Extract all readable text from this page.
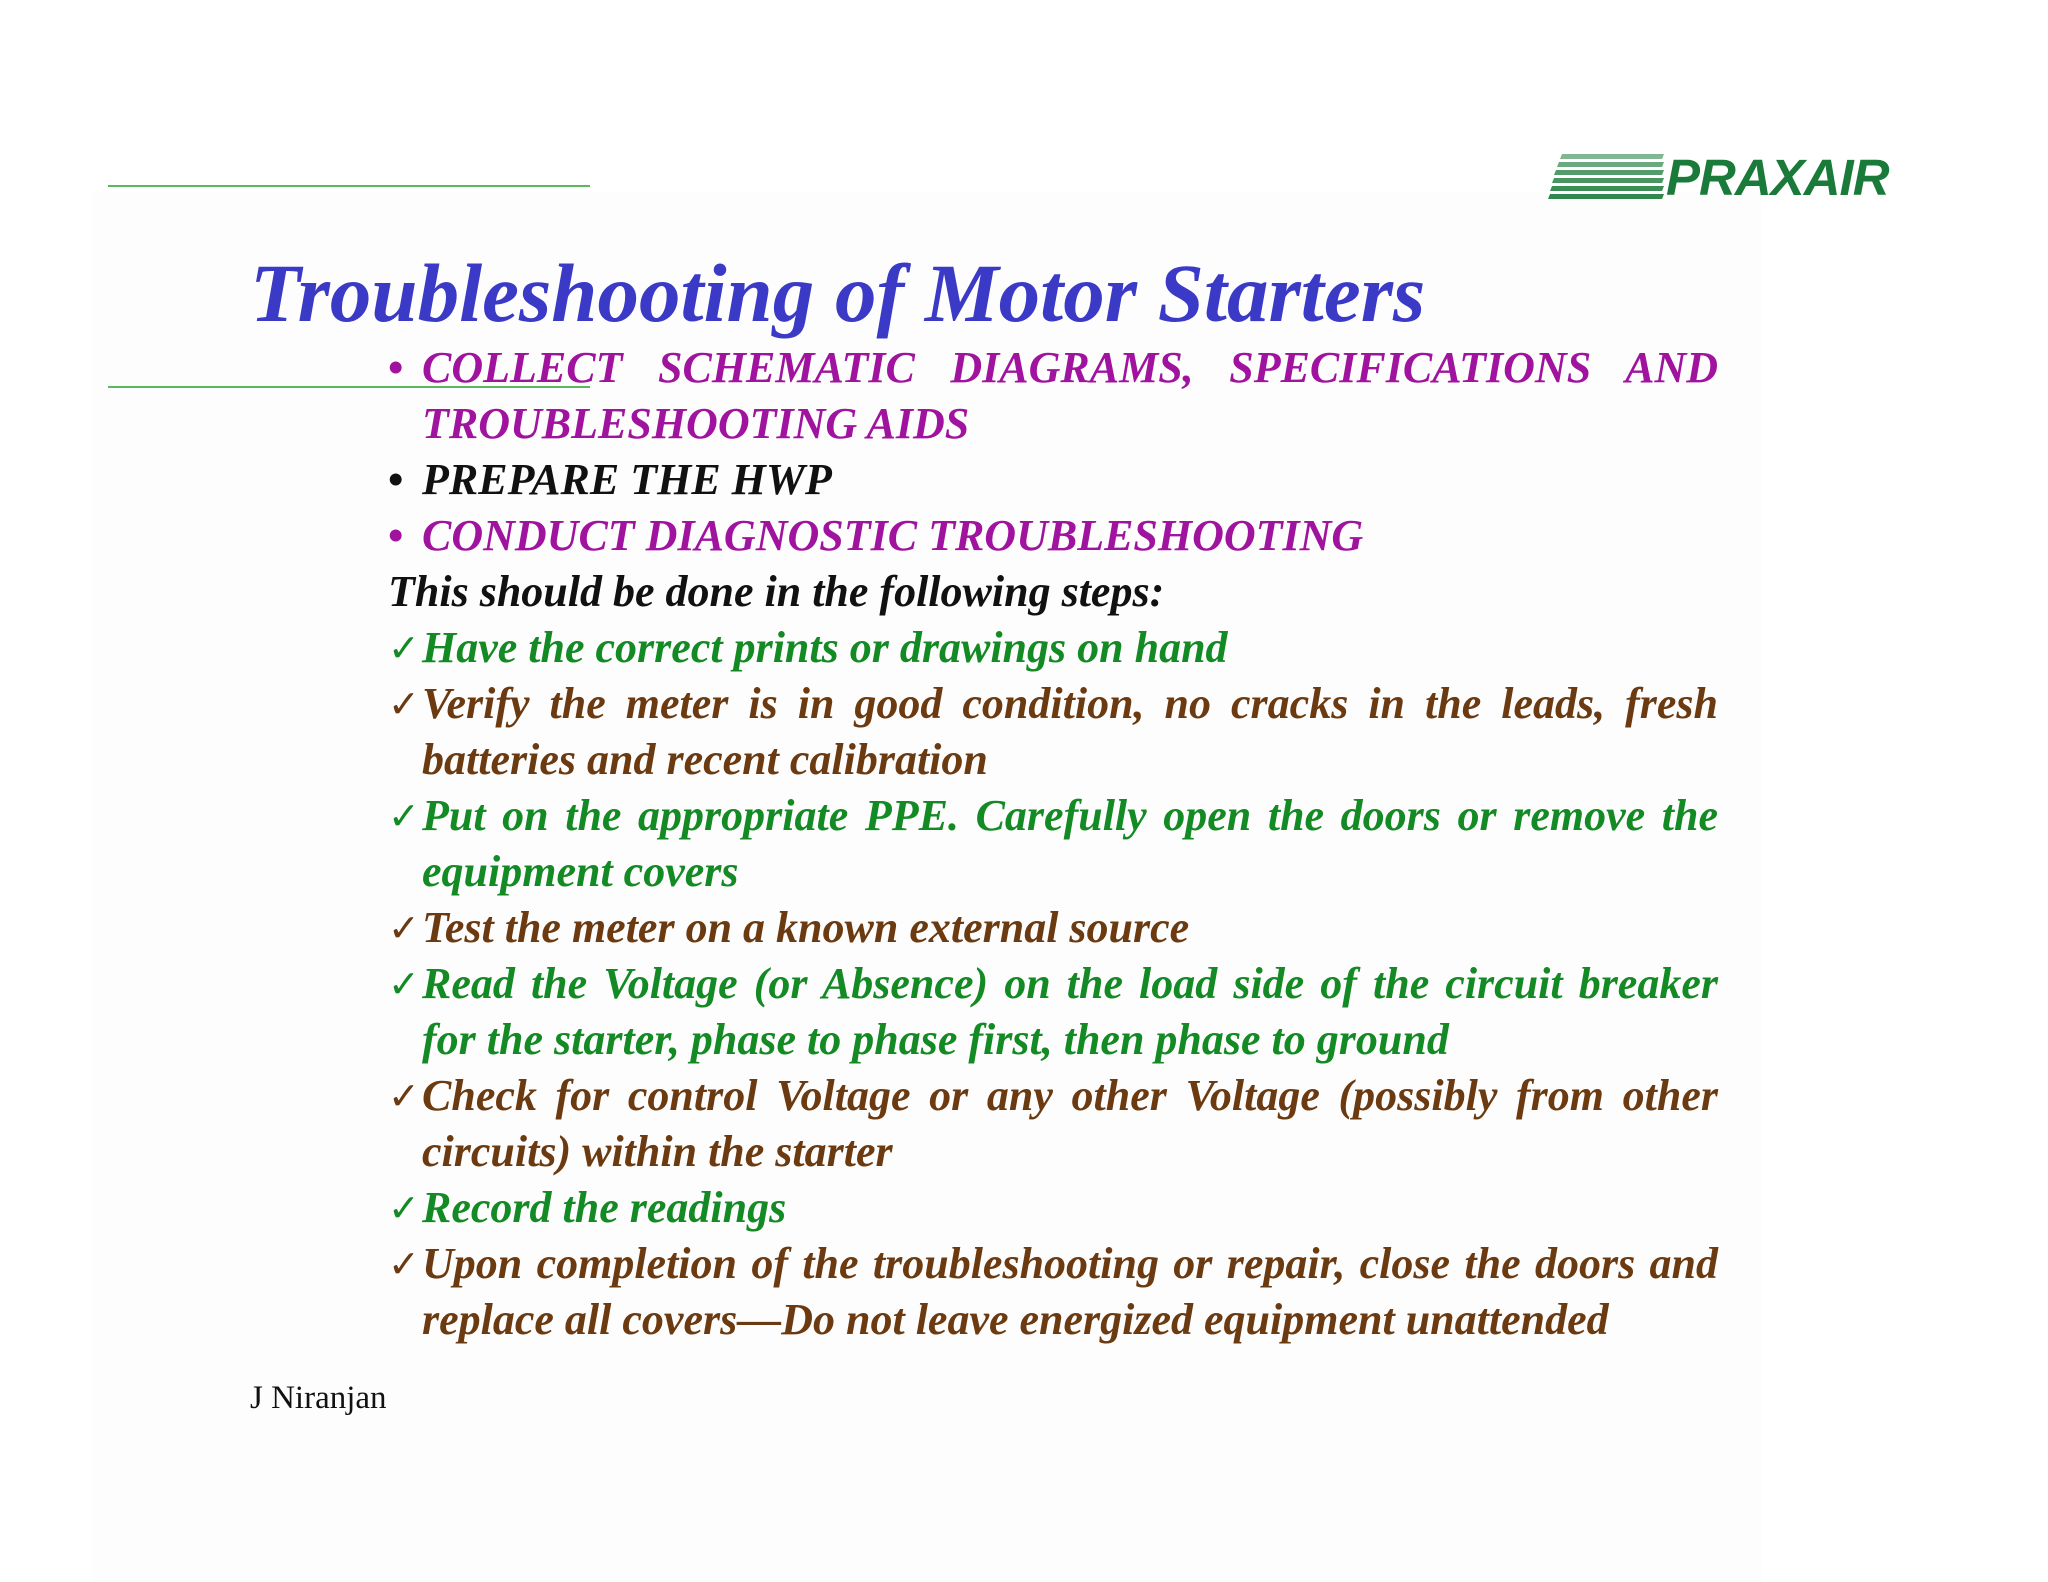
PRAXAIR
Troubleshooting of Motor Starters
• COLLECT SCHEMATIC DIAGRAMS, SPECIFICATIONS AND TROUBLESHOOTING AIDS
• PREPARE THE HWP
• CONDUCT DIAGNOSTIC TROUBLESHOOTING
This should be done in the following steps:
✓ Have the correct prints or drawings on hand
✓ Verify the meter is in good condition, no cracks in the leads, fresh batteries and recent calibration
✓ Put on the appropriate PPE. Carefully open the doors or remove the equipment covers
✓ Test the meter on a known external source
✓ Read the Voltage (or Absence) on the load side of the circuit breaker for the starter, phase to phase first, then phase to ground
✓ Check for control Voltage or any other Voltage (possibly from other circuits) within the starter
✓ Record the readings
✓ Upon completion of the troubleshooting or repair, close the doors and replace all covers—Do not leave energized equipment unattended
J Niranjan
